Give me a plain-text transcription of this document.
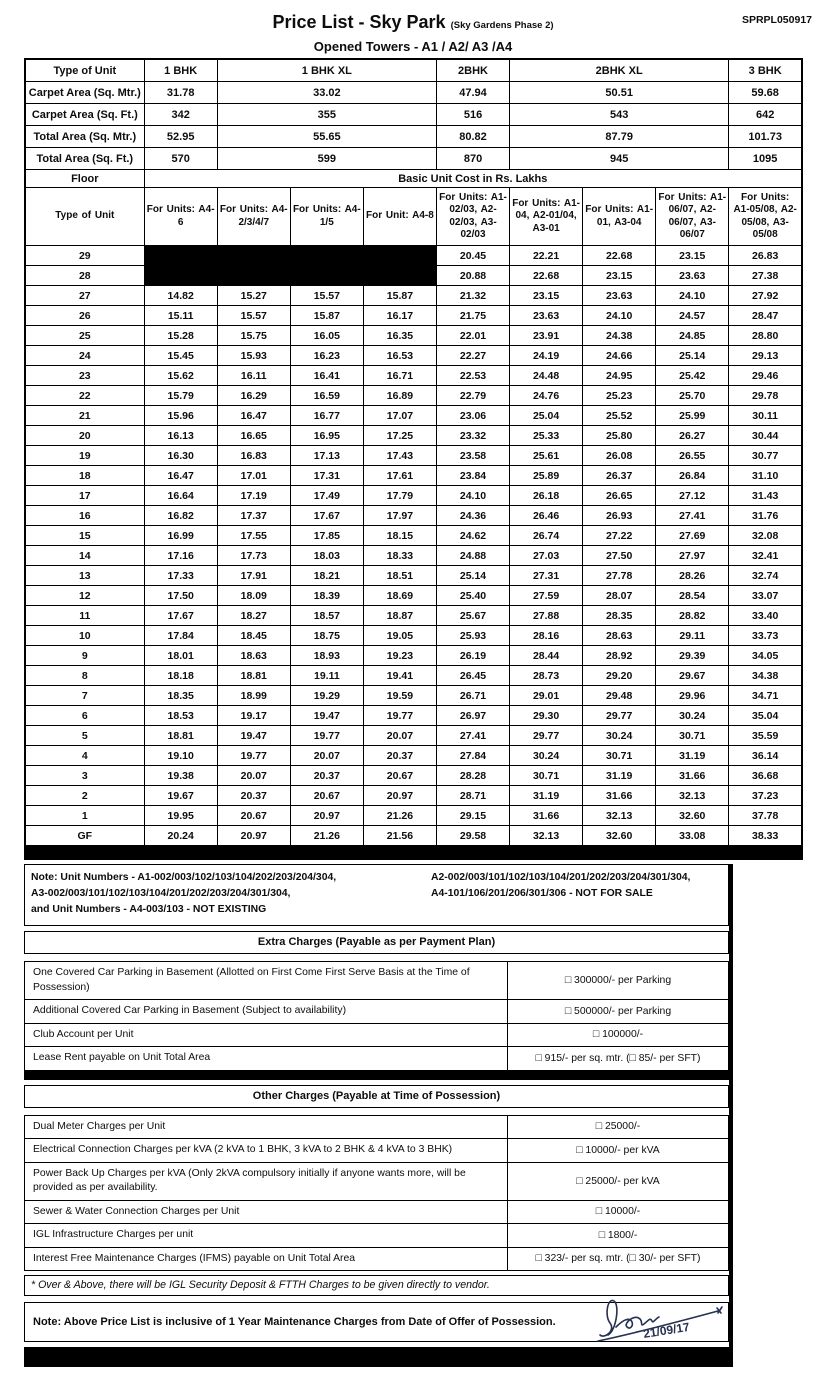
Price List - Sky Park (Sky Gardens Phase 2)	SPRPL050917
Opened Towers - A1 / A2/ A3 /A4
Type of Unit	1 BHK	1 BHK XL			2BHK	2BHK XL			3 BHK
Carpet Area (Sq. Mtr.)	31.78	33.02			47.94	50.51			59.68
Carpet Area (Sq. Ft.)	342	355			516	543			642
Total Area (Sq. Mtr.)	52.95	55.65			80.82	87.79			101.73
Total Area (Sq. Ft.)	570	599			870	945			1095
Floor	Basic Unit Cost in Rs. Lakhs								
Type of Unit	For Units: A4-6	For Units: A4-2/3/4/7	For Units: A4-1/5	For Unit: A4-8	For Units: A1-02/03, A2-02/03, A3-02/03	For Units: A1-04, A2-01/04, A3-01	For Units: A1-01, A3-04	For Units: A1-06/07, A2-06/07, A3-06/07	For Units: A1-05/08, A2-05/08, A3-05/08
29					20.45	22.21	22.68	23.15	26.83
28					20.88	22.68	23.15	23.63	27.38
27	14.82	15.27	15.57	15.87	21.32	23.15	23.63	24.10	27.92
26	15.11	15.57	15.87	16.17	21.75	23.63	24.10	24.57	28.47
25	15.28	15.75	16.05	16.35	22.01	23.91	24.38	24.85	28.80
24	15.45	15.93	16.23	16.53	22.27	24.19	24.66	25.14	29.13
23	15.62	16.11	16.41	16.71	22.53	24.48	24.95	25.42	29.46
22	15.79	16.29	16.59	16.89	22.79	24.76	25.23	25.70	29.78
21	15.96	16.47	16.77	17.07	23.06	25.04	25.52	25.99	30.11
20	16.13	16.65	16.95	17.25	23.32	25.33	25.80	26.27	30.44
19	16.30	16.83	17.13	17.43	23.58	25.61	26.08	26.55	30.77
18	16.47	17.01	17.31	17.61	23.84	25.89	26.37	26.84	31.10
17	16.64	17.19	17.49	17.79	24.10	26.18	26.65	27.12	31.43
16	16.82	17.37	17.67	17.97	24.36	26.46	26.93	27.41	31.76
15	16.99	17.55	17.85	18.15	24.62	26.74	27.22	27.69	32.08
14	17.16	17.73	18.03	18.33	24.88	27.03	27.50	27.97	32.41
13	17.33	17.91	18.21	18.51	25.14	27.31	27.78	28.26	32.74
12	17.50	18.09	18.39	18.69	25.40	27.59	28.07	28.54	33.07
11	17.67	18.27	18.57	18.87	25.67	27.88	28.35	28.82	33.40
10	17.84	18.45	18.75	19.05	25.93	28.16	28.63	29.11	33.73
9	18.01	18.63	18.93	19.23	26.19	28.44	28.92	29.39	34.05
8	18.18	18.81	19.11	19.41	26.45	28.73	29.20	29.67	34.38
7	18.35	18.99	19.29	19.59	26.71	29.01	29.48	29.96	34.71
6	18.53	19.17	19.47	19.77	26.97	29.30	29.77	30.24	35.04
5	18.81	19.47	19.77	20.07	27.41	29.77	30.24	30.71	35.59
4	19.10	19.77	20.07	20.37	27.84	30.24	30.71	31.19	36.14
3	19.38	20.07	20.37	20.67	28.28	30.71	31.19	31.66	36.68
2	19.67	20.37	20.67	20.97	28.71	31.19	31.66	32.13	37.23
1	19.95	20.67	20.97	21.26	29.15	31.66	32.13	32.60	37.78
GF	20.24	20.97	21.26	21.56	29.58	32.13	32.60	33.08	38.33
Note: Unit Numbers - A1-002/003/102/103/104/202/203/204/304,
A3-002/003/101/102/103/104/201/202/203/204/301/304,
and Unit Numbers - A4-003/103 - NOT EXISTING
A2-002/003/101/102/103/104/201/202/203/204/301/304,
A4-101/106/201/206/301/306 - NOT FOR SALE
Extra Charges (Payable as per Payment Plan)
One Covered Car Parking in Basement (Allotted on First Come First Serve Basis at the Time of Possession)	□ 300000/- per Parking
Additional Covered Car Parking in Basement (Subject to availability)	□ 500000/- per Parking
Club Account per Unit	□ 100000/-
Lease Rent payable on Unit Total Area	□ 915/- per sq. mtr. (□ 85/- per SFT)
Other Charges (Payable at Time of Possession)
Dual Meter Charges per Unit	□ 25000/-
Electrical Connection Charges per kVA (2 kVA to 1 BHK, 3 kVA to 2 BHK & 4 kVA to 3 BHK)	□ 10000/- per kVA
Power Back Up Charges per kVA (Only 2kVA compulsory initially if anyone wants more, will be provided as per availability.	□ 25000/- per kVA
Sewer & Water Connection Charges per Unit	□ 10000/-
IGL Infrastructure Charges per unit	□ 1800/-
Interest Free Maintenance Charges (IFMS) payable on Unit Total Area	□ 323/- per sq. mtr. (□ 30/- per SFT)
* Over & Above, there will be IGL Security Deposit & FTTH Charges to be given directly to vendor.
Note: Above Price List is inclusive of 1 Year Maintenance Charges from Date of Offer of Possession.	21/09/17
